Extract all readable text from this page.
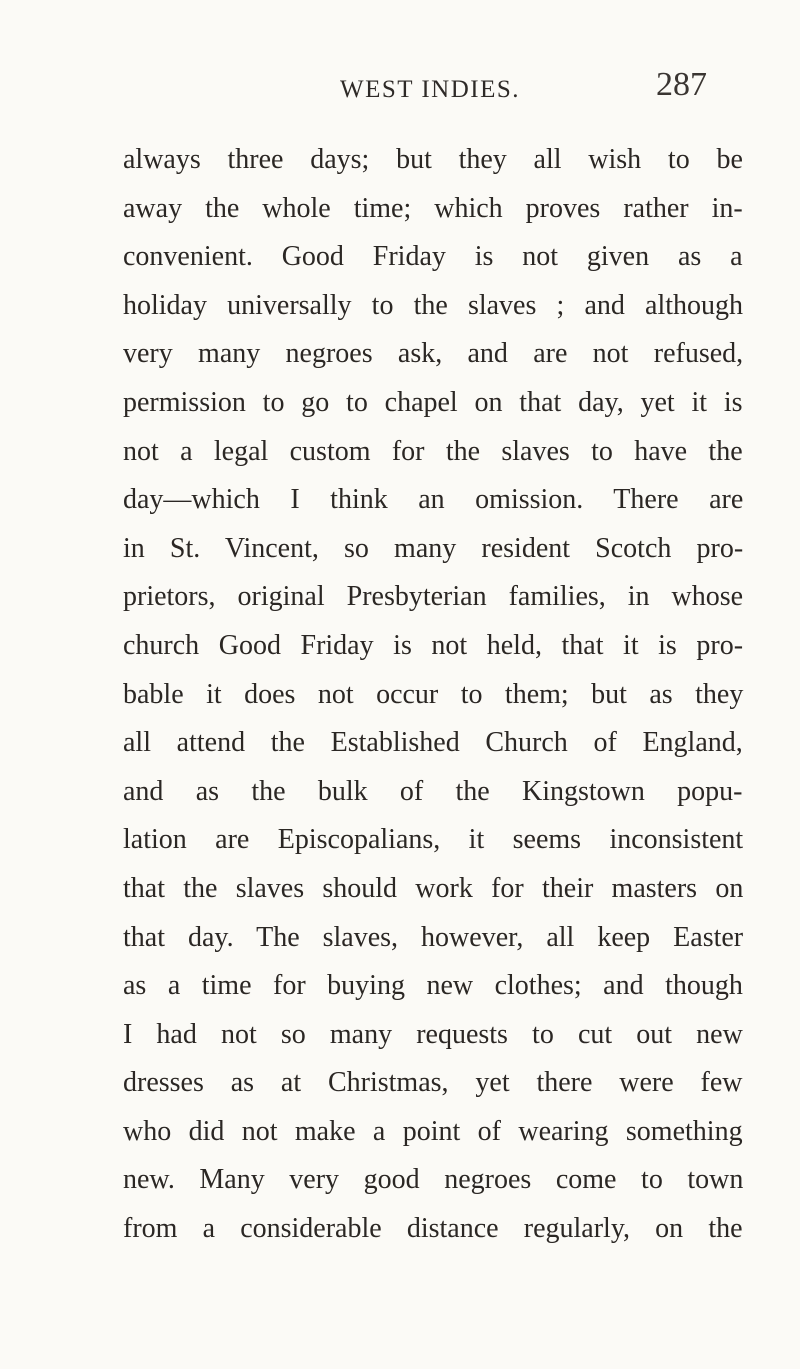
WEST INDIES.	287
always three days; but they all wish to be
away the whole time; which proves rather in-
convenient. Good Friday is not given as a
holiday universally to the slaves ; and although
very many negroes ask, and are not refused,
permission to go to chapel on that day, yet it is
not a legal custom for the slaves to have the
day—which I think an omission. There are
in St. Vincent, so many resident Scotch pro-
prietors, original Presbyterian families, in whose
church Good Friday is not held, that it is pro-
bable it does not occur to them; but as they
all attend the Established Church of England,
and as the bulk of the Kingstown popu-
lation are Episcopalians, it seems inconsistent
that the slaves should work for their masters on
that day. The slaves, however, all keep Easter
as a time for buying new clothes; and though
I had not so many requests to cut out new
dresses as at Christmas, yet there were few
who did not make a point of wearing something
new. Many very good negroes come to town
from a considerable distance regularly, on the
